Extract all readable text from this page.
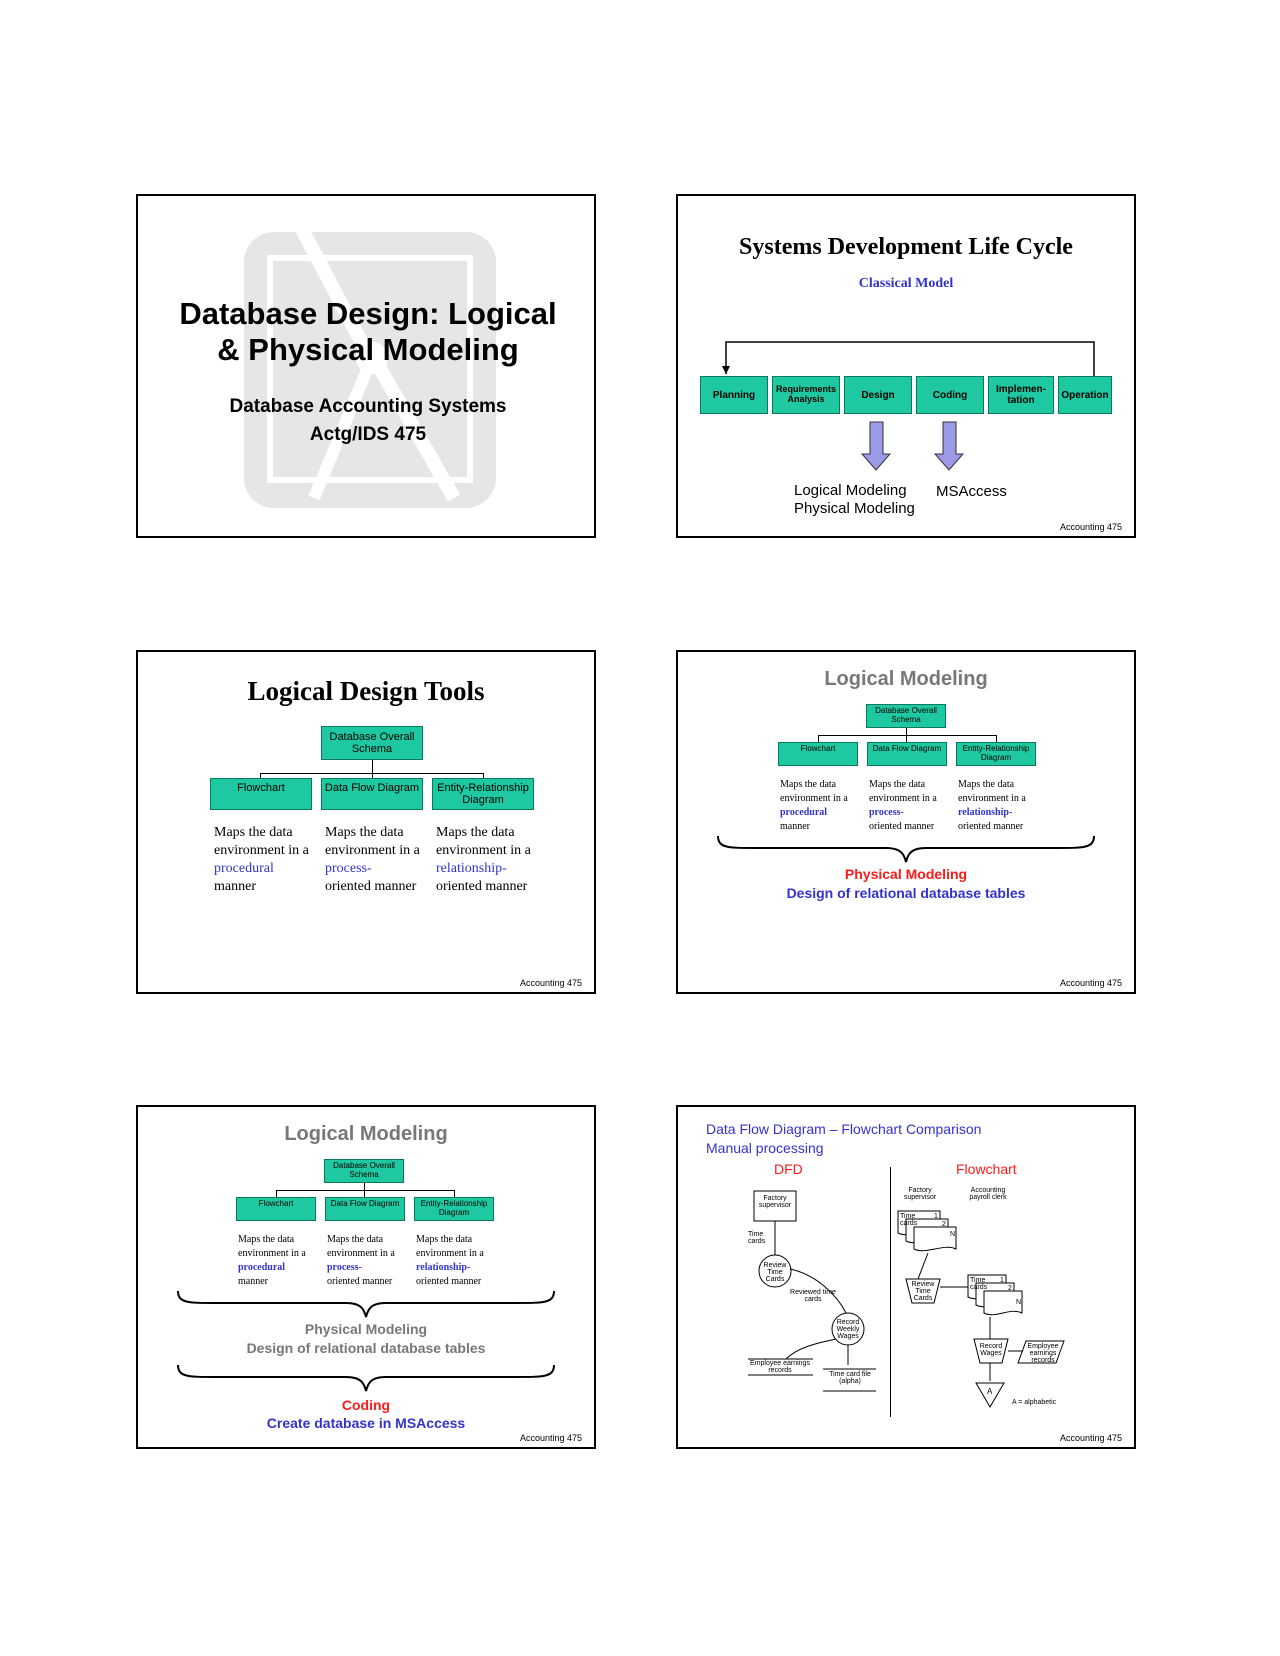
Database Design: Logical & Physical Modeling
Database Accounting Systems
Actg/IDS 475
Systems Development Life Cycle
Classical Model
Planning
Requirements Analysis	Design	Coding	Implemen-tation	Operation
Logical Modeling
Physical Modeling
MSAccess
Accounting 475
Logical Design Tools
Database Overall Schema
Flowchart	Data Flow Diagram	Entity-Relationship Diagram
Maps the data environment in a procedural
manner
Maps the data environment in a process-
oriented manner
Maps the data environment in a relationship-
oriented manner
Accounting 475
Logical Modeling
Database Overall Schema
Flowchart	Data Flow Diagram	Entity-Relationship Diagram
Maps the data environment in a procedural
manner
Maps the data environment in a process-
oriented manner
Maps the data environment in a relationship-
oriented manner
Physical Modeling
Design of relational database tables
Accounting 475
Logical Modeling
Database Overall Schema
Flowchart	Data Flow Diagram	Entity-Relationship Diagram
Maps the data environment in a procedural
manner
Maps the data environment in a process-
oriented manner
Maps the data environment in a relationship-
oriented manner
Physical Modeling
Design of relational database tables
Coding
Create database in MSAccess
Accounting 475
Data Flow Diagram – Flowchart Comparison
Manual processing
DFD	Flowchart
Factory supervisor
Time cards
Review Time Cards
Reviewed time cards
Record Weekly Wages
Employee earnings records
Time card file (alpha)
Factory supervisor
Accounting payroll clerk
Time cards
1
2
N
Review Time Cards
Time cards
1
2
N
Record Wages
Employee earnings records
A
A = alphabetic
Accounting 475
